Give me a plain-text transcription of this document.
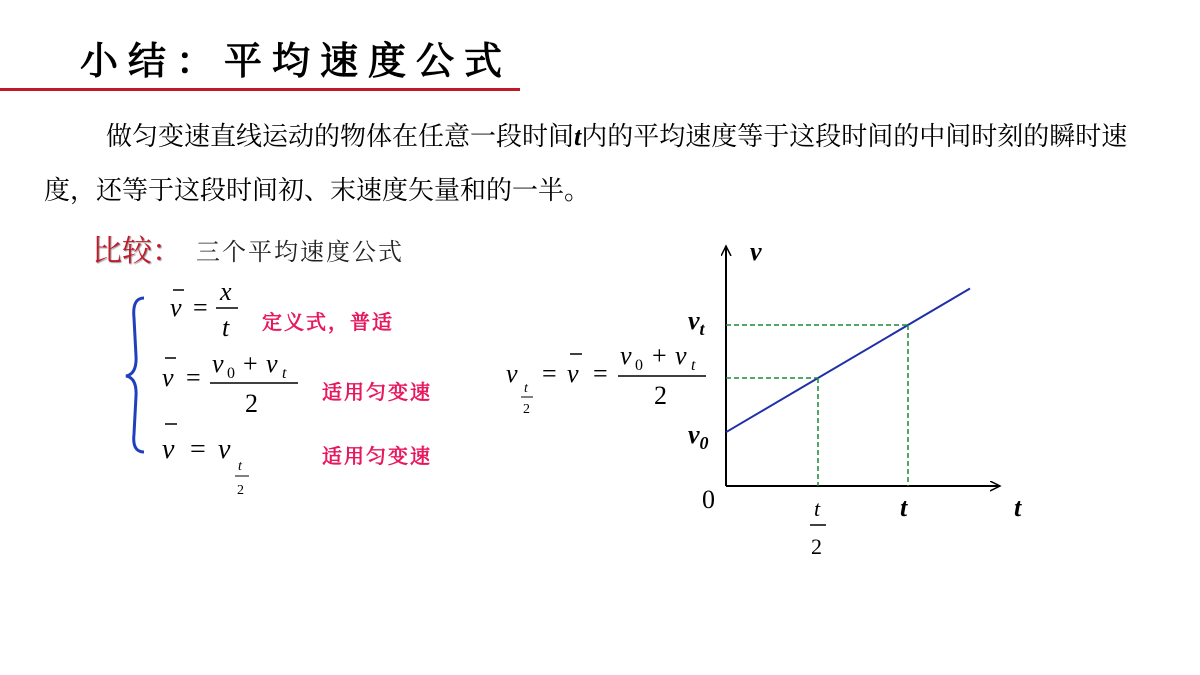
小结：平均速度公式
做匀变速直线运动的物体在任意一段时间t内的平均速度等于这段时间的中间时刻的瞬时速度，还等于这段时间初、末速度矢量和的一半。
比较： 三个平均速度公式
定义式，普适
适用匀变速
适用匀变速
v =
x
t
v = v 0 + v t
2
v = v
t
2
v
t
2
= v =
v 0 + v t
2
v
t
0
$v_0$
$v_t$
t
2
t
